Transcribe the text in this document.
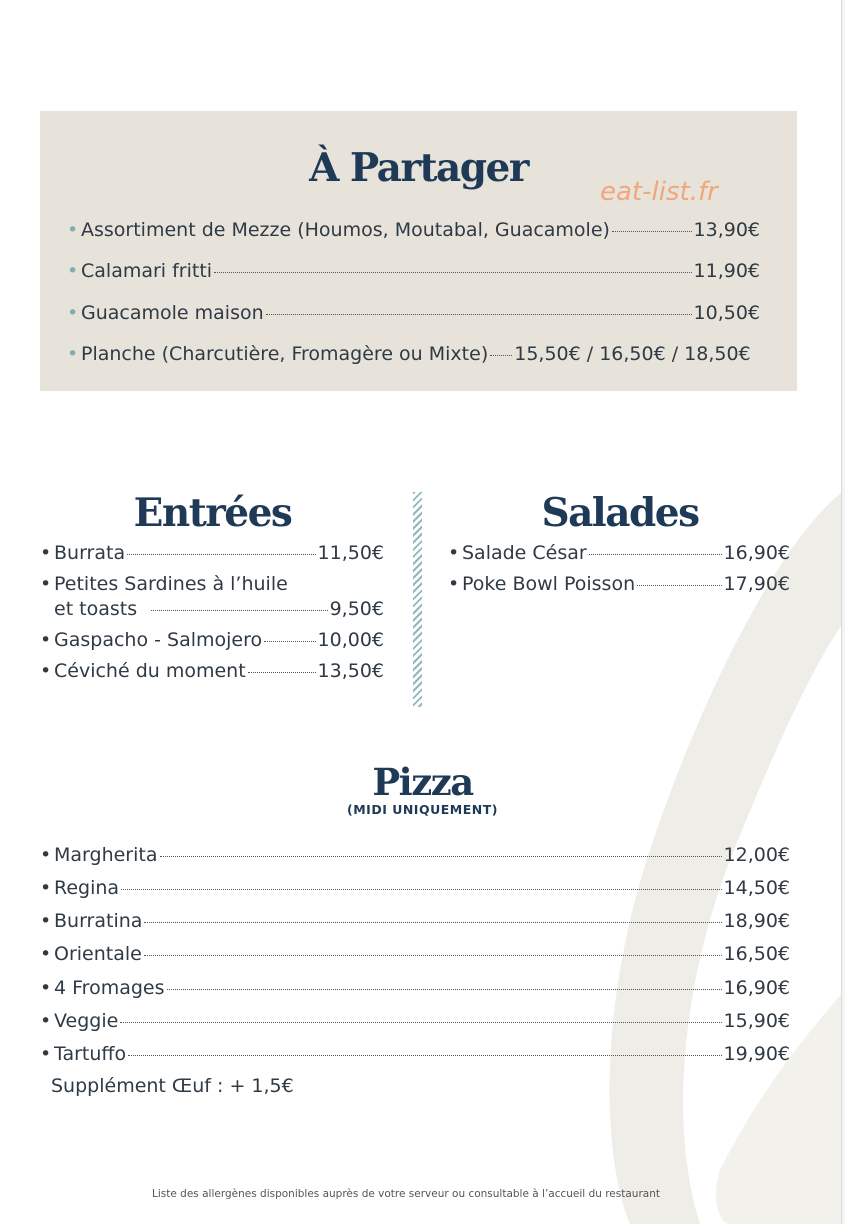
À Partager
eat-list.fr
• Assortiment de Mezze (Houmos, Moutabal, Guacamole)	13,90€
• Calamari fritti	11,90€
• Guacamole maison	10,50€
• Planche (Charcutière, Fromagère ou Mixte) 15,50€ / 16,50€ / 18,50€
Entrées
• Burrata	11,50€
• Petites Sardines à l’huile
et toasts	9,50€
• Gaspacho - Salmojero	10,00€
• Céviché du moment	13,50€
Salades
• Salade César	16,90€
• Poke Bowl Poisson	17,90€
Pizza
(MIDI UNIQUEMENT)
• Margherita	12,00€
• Regina	14,50€
• Burratina	18,90€
• Orientale	16,50€
• 4 Fromages	16,90€
• Veggie	15,90€
• Tartuffo	19,90€
Supplément Œuf : + 1,5€
Liste des allergènes disponibles auprès de votre serveur ou consultable à l’accueil du restaurant
